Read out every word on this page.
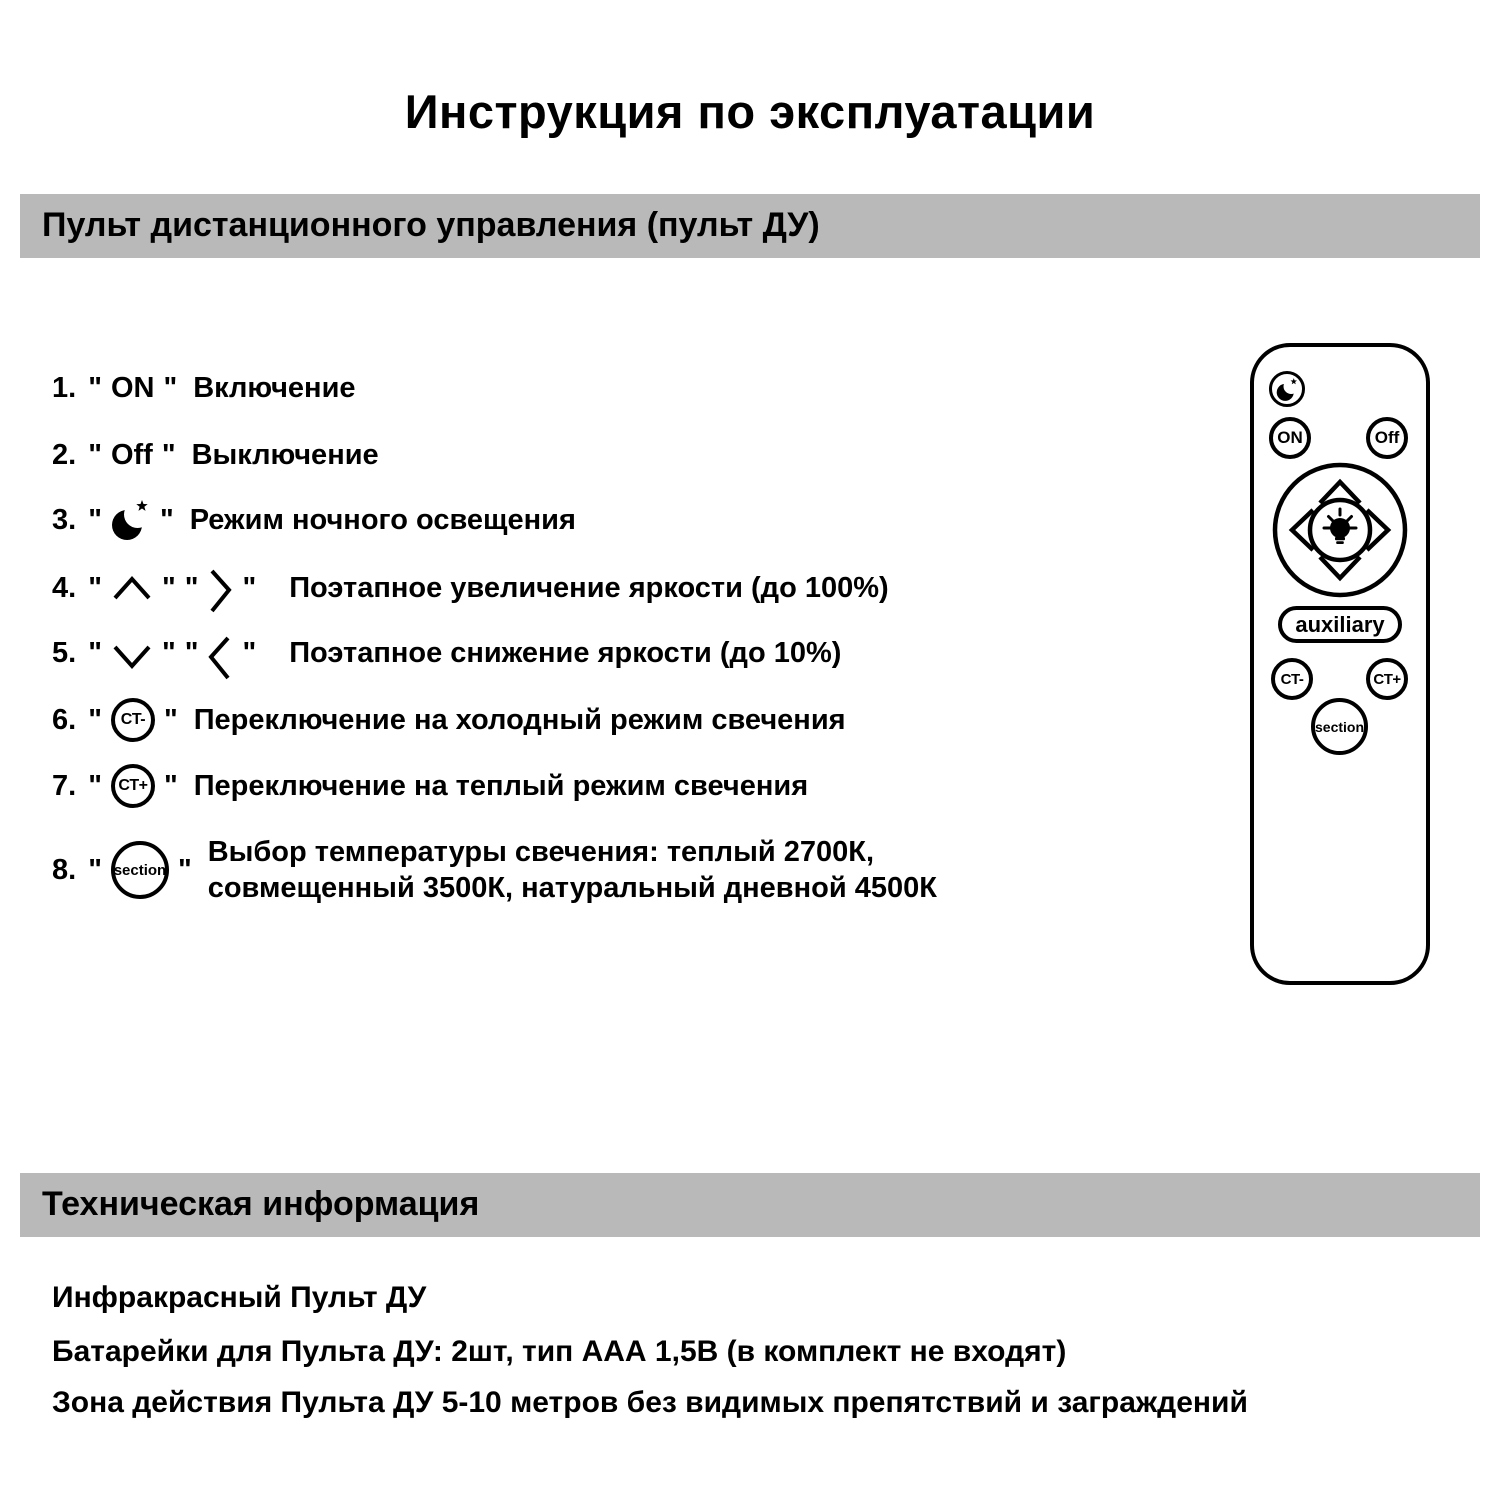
Инструкция по эксплуатации
Пульт дистанционного управления (пульт ДУ)
1. " ON " Включение
2. " Off " Выключение
3. " " Режим ночного освещения
4. " " " " Поэтапное увеличение яркости (до 100%)
5. " " " " Поэтапное снижение яркости (до 10%)
6. "	CT- " Переключение на холодный режим свечения
7. "	CT+ " Переключение на теплый режим свечения
8. " section "
Выбор температуры свечения: теплый 2700К,
совмещенный 3500К, натуральный дневной 4500К
ON	Off
auxiliary
CT-	CT+
section
Техническая информация
Инфракрасный Пульт ДУ
Батарейки для Пульта ДУ: 2шт, тип ААА 1,5В (в комплект не входят)
Зона действия Пульта ДУ 5-10 метров без видимых препятствий и заграждений
